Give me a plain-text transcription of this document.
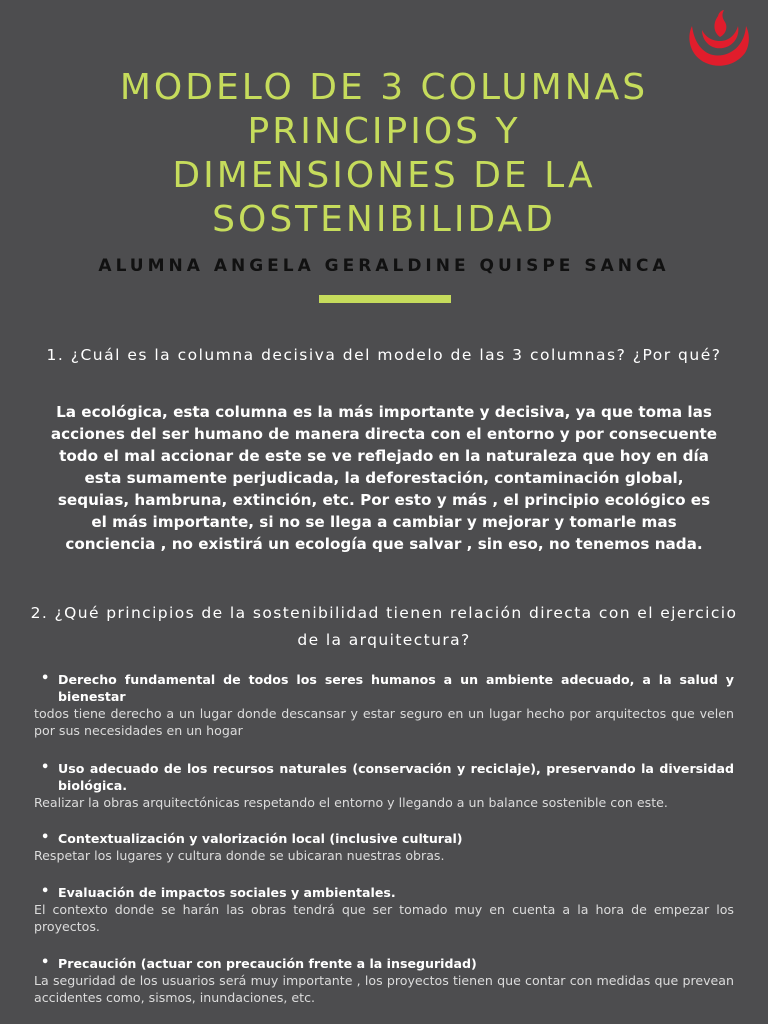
MODELO DE 3 COLUMNAS
PRINCIPIOS Y
DIMENSIONES DE LA
SOSTENIBILIDAD
ALUMNA ANGELA GERALDINE QUISPE SANCA
1. ¿Cuál es la columna decisiva del modelo de las 3 columnas? ¿Por qué?
La ecológica, esta columna es la más importante y decisiva, ya que toma las acciones del ser humano de manera directa con el entorno y por consecuente todo el mal accionar de este se ve reflejado en la naturaleza que hoy en día esta sumamente perjudicada, la deforestación, contaminación global, sequias, hambruna, extinción, etc. Por esto y más , el principio ecológico es el más importante, si no se llega a cambiar y mejorar y tomarle mas conciencia , no existirá un ecología que salvar , sin eso, no tenemos nada.
2. ¿Qué principios de la sostenibilidad tienen relación directa con el ejercicio de la arquitectura?
• Derecho fundamental de todos los seres humanos a un ambiente adecuado, a la salud y bienestar
todos tiene derecho a un lugar donde descansar y estar seguro en un lugar hecho por arquitectos que velen por sus necesidades en un hogar
• Uso adecuado de los recursos naturales (conservación y reciclaje), preservando la diversidad biológica.
Realizar la obras arquitectónicas respetando el entorno y llegando a un balance sostenible con este.
• Contextualización y valorización local (inclusive cultural)
Respetar los lugares y cultura donde se ubicaran nuestras obras.
• Evaluación de impactos sociales y ambientales.
El contexto donde se harán las obras tendrá que ser tomado muy en cuenta a la hora de empezar los proyectos.
• Precaución (actuar con precaución frente a la inseguridad)
La seguridad de los usuarios será muy importante , los proyectos tienen que contar con medidas que prevean accidentes como, sismos, inundaciones, etc.
